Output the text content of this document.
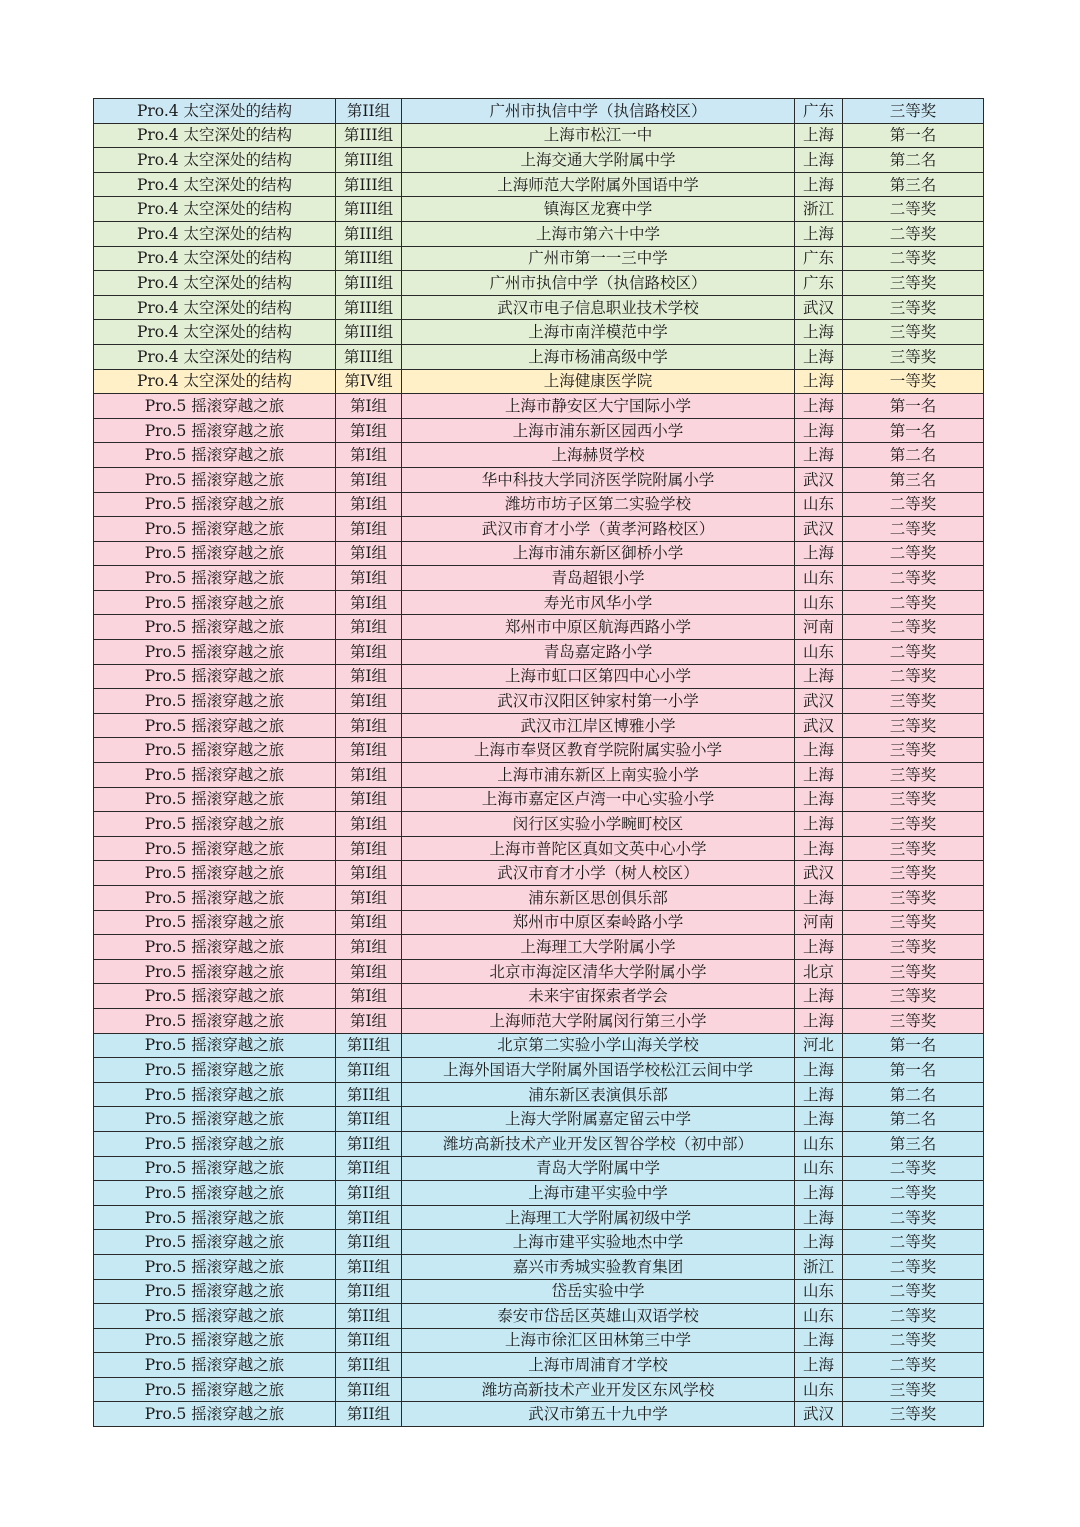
Pro.4 太空深处的结构	第II组	广州市执信中学（执信路校区）	广东	三等奖
Pro.4 太空深处的结构	第III组	上海市松江一中	上海	第一名
Pro.4 太空深处的结构	第III组	上海交通大学附属中学	上海	第二名
Pro.4 太空深处的结构	第III组	上海师范大学附属外国语中学	上海	第三名
Pro.4 太空深处的结构	第III组	镇海区龙赛中学	浙江	二等奖
Pro.4 太空深处的结构	第III组	上海市第六十中学	上海	二等奖
Pro.4 太空深处的结构	第III组	广州市第一一三中学	广东	二等奖
Pro.4 太空深处的结构	第III组	广州市执信中学（执信路校区）	广东	三等奖
Pro.4 太空深处的结构	第III组	武汉市电子信息职业技术学校	武汉	三等奖
Pro.4 太空深处的结构	第III组	上海市南洋模范中学	上海	三等奖
Pro.4 太空深处的结构	第III组	上海市杨浦高级中学	上海	三等奖
Pro.4 太空深处的结构	第IV组	上海健康医学院	上海	一等奖
Pro.5 摇滚穿越之旅	第I组	上海市静安区大宁国际小学	上海	第一名
Pro.5 摇滚穿越之旅	第I组	上海市浦东新区园西小学	上海	第一名
Pro.5 摇滚穿越之旅	第I组	上海赫贤学校	上海	第二名
Pro.5 摇滚穿越之旅	第I组	华中科技大学同济医学院附属小学	武汉	第三名
Pro.5 摇滚穿越之旅	第I组	潍坊市坊子区第二实验学校	山东	二等奖
Pro.5 摇滚穿越之旅	第I组	武汉市育才小学（黄孝河路校区）	武汉	二等奖
Pro.5 摇滚穿越之旅	第I组	上海市浦东新区御桥小学	上海	二等奖
Pro.5 摇滚穿越之旅	第I组	青岛超银小学	山东	二等奖
Pro.5 摇滚穿越之旅	第I组	寿光市风华小学	山东	二等奖
Pro.5 摇滚穿越之旅	第I组	郑州市中原区航海西路小学	河南	二等奖
Pro.5 摇滚穿越之旅	第I组	青岛嘉定路小学	山东	二等奖
Pro.5 摇滚穿越之旅	第I组	上海市虹口区第四中心小学	上海	二等奖
Pro.5 摇滚穿越之旅	第I组	武汉市汉阳区钟家村第一小学	武汉	三等奖
Pro.5 摇滚穿越之旅	第I组	武汉市江岸区博雅小学	武汉	三等奖
Pro.5 摇滚穿越之旅	第I组	上海市奉贤区教育学院附属实验小学	上海	三等奖
Pro.5 摇滚穿越之旅	第I组	上海市浦东新区上南实验小学	上海	三等奖
Pro.5 摇滚穿越之旅	第I组	上海市嘉定区卢湾一中心实验小学	上海	三等奖
Pro.5 摇滚穿越之旅	第I组	闵行区实验小学畹町校区	上海	三等奖
Pro.5 摇滚穿越之旅	第I组	上海市普陀区真如文英中心小学	上海	三等奖
Pro.5 摇滚穿越之旅	第I组	武汉市育才小学（树人校区）	武汉	三等奖
Pro.5 摇滚穿越之旅	第I组	浦东新区思创俱乐部	上海	三等奖
Pro.5 摇滚穿越之旅	第I组	郑州市中原区秦岭路小学	河南	三等奖
Pro.5 摇滚穿越之旅	第I组	上海理工大学附属小学	上海	三等奖
Pro.5 摇滚穿越之旅	第I组	北京市海淀区清华大学附属小学	北京	三等奖
Pro.5 摇滚穿越之旅	第I组	未来宇宙探索者学会	上海	三等奖
Pro.5 摇滚穿越之旅	第I组	上海师范大学附属闵行第三小学	上海	三等奖
Pro.5 摇滚穿越之旅	第II组	北京第二实验小学山海关学校	河北	第一名
Pro.5 摇滚穿越之旅	第II组	上海外国语大学附属外国语学校松江云间中学	上海	第一名
Pro.5 摇滚穿越之旅	第II组	浦东新区表演俱乐部	上海	第二名
Pro.5 摇滚穿越之旅	第II组	上海大学附属嘉定留云中学	上海	第二名
Pro.5 摇滚穿越之旅	第II组	潍坊高新技术产业开发区智谷学校（初中部）	山东	第三名
Pro.5 摇滚穿越之旅	第II组	青岛大学附属中学	山东	二等奖
Pro.5 摇滚穿越之旅	第II组	上海市建平实验中学	上海	二等奖
Pro.5 摇滚穿越之旅	第II组	上海理工大学附属初级中学	上海	二等奖
Pro.5 摇滚穿越之旅	第II组	上海市建平实验地杰中学	上海	二等奖
Pro.5 摇滚穿越之旅	第II组	嘉兴市秀城实验教育集团	浙江	二等奖
Pro.5 摇滚穿越之旅	第II组	岱岳实验中学	山东	二等奖
Pro.5 摇滚穿越之旅	第II组	泰安市岱岳区英雄山双语学校	山东	二等奖
Pro.5 摇滚穿越之旅	第II组	上海市徐汇区田林第三中学	上海	二等奖
Pro.5 摇滚穿越之旅	第II组	上海市周浦育才学校	上海	二等奖
Pro.5 摇滚穿越之旅	第II组	潍坊高新技术产业开发区东风学校	山东	三等奖
Pro.5 摇滚穿越之旅	第II组	武汉市第五十九中学	武汉	三等奖
